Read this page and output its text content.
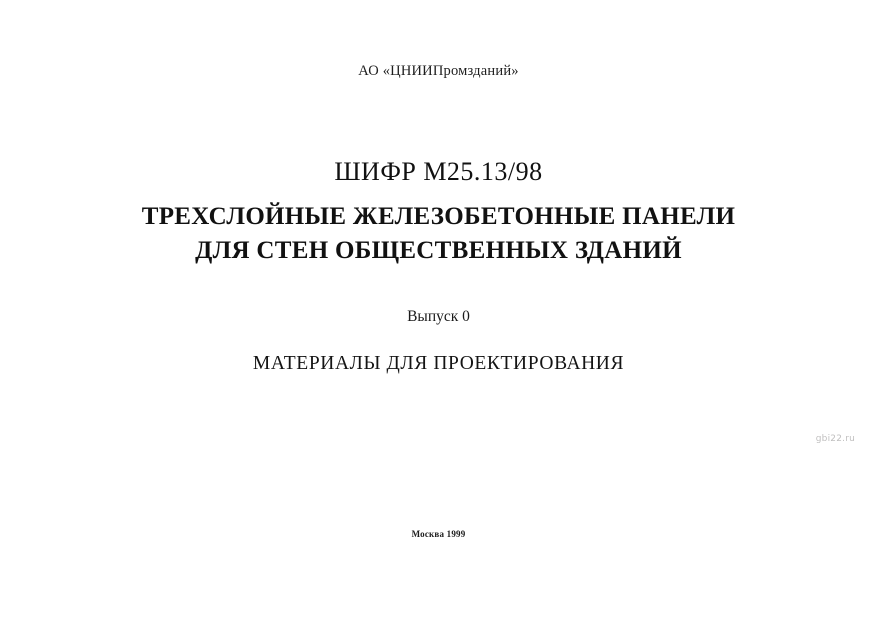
АО «ЦНИИПромзданий»
ШИФР М25.13/98
ТРЕХСЛОЙНЫЕ ЖЕЛЕЗОБЕТОННЫЕ ПАНЕЛИ
ДЛЯ СТЕН ОБЩЕСТВЕННЫХ ЗДАНИЙ
Выпуск 0
МАТЕРИАЛЫ ДЛЯ ПРОЕКТИРОВАНИЯ
gbi22.ru
Москва 1999
